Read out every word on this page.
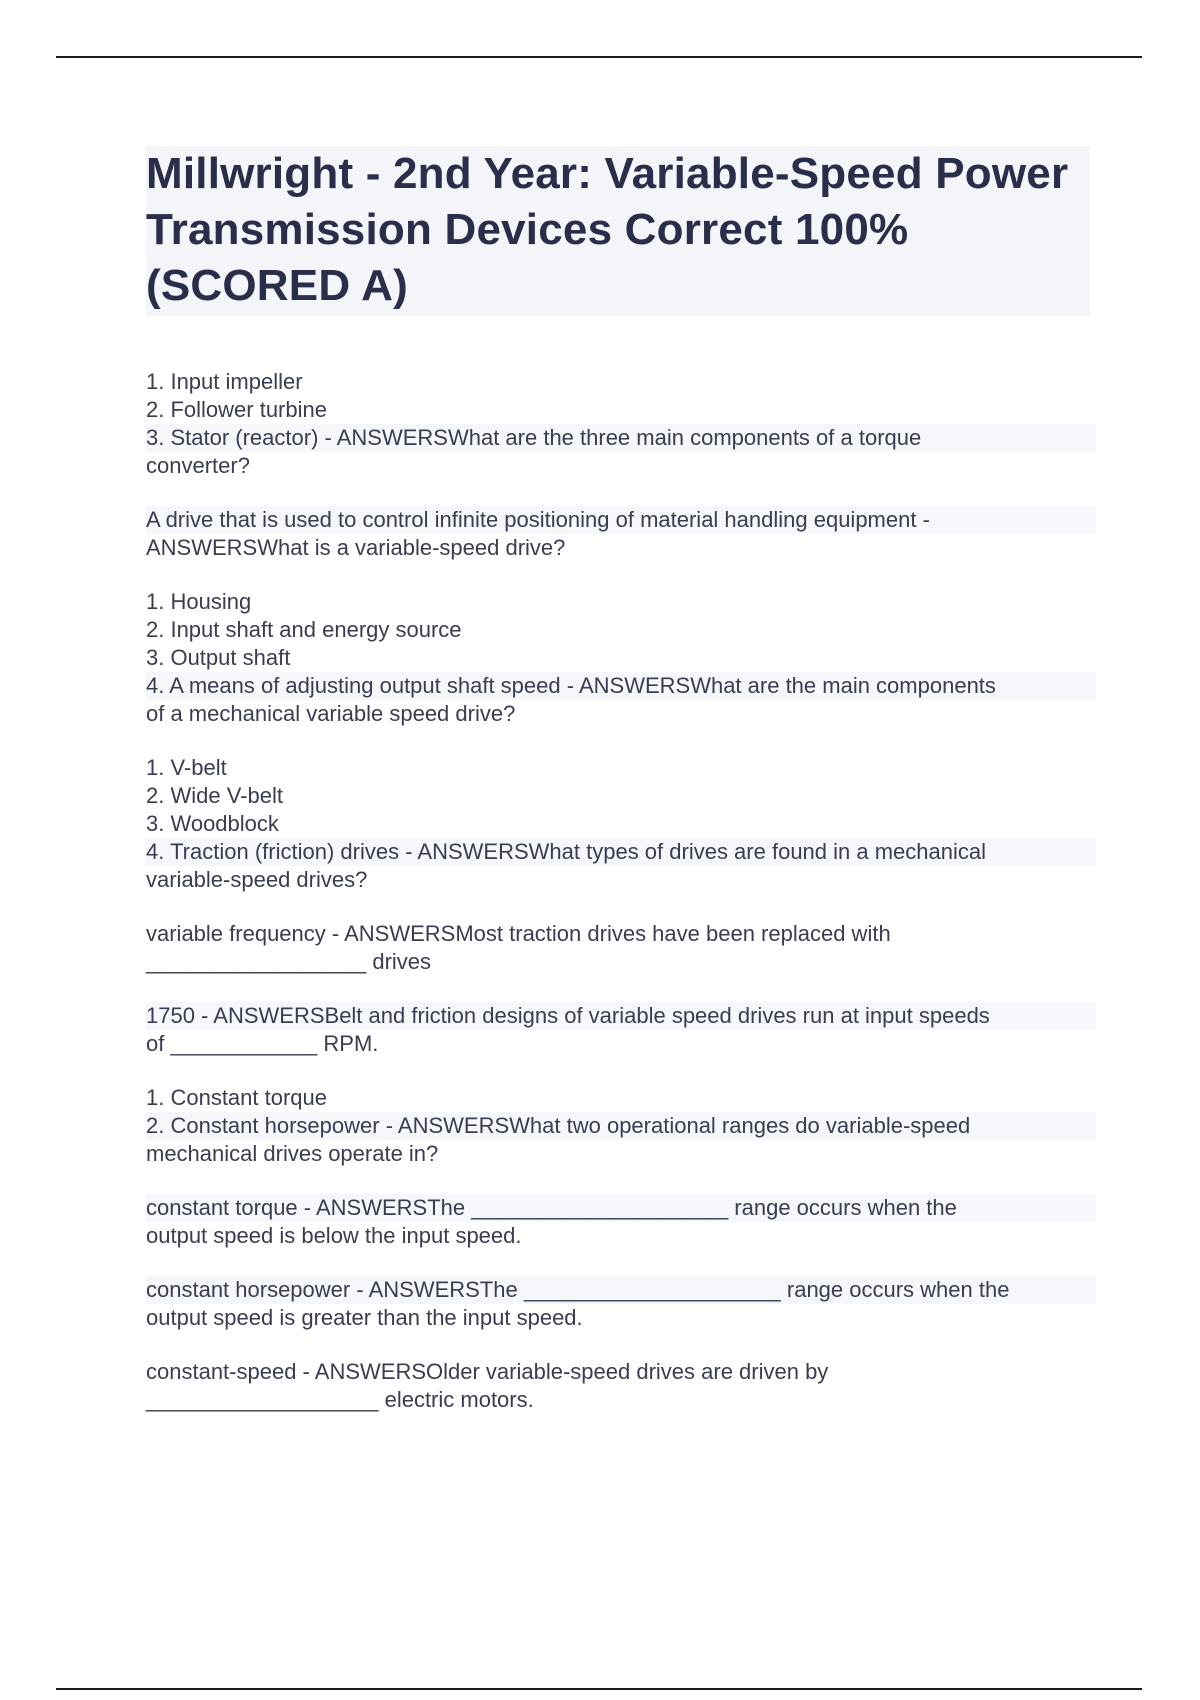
Millwright - 2nd Year: Variable-Speed Power Transmission Devices Correct 100%(SCORED A)
1. Input impeller
2. Follower turbine
3. Stator (reactor) - ANSWERSWhat are the three main components of a torque
converter?
A drive that is used to control infinite positioning of material handling equipment -
ANSWERSWhat is a variable-speed drive?
1. Housing
2. Input shaft and energy source
3. Output shaft
4. A means of adjusting output shaft speed - ANSWERSWhat are the main components
of a mechanical variable speed drive?
1. V-belt
2. Wide V-belt
3. Woodblock
4. Traction (friction) drives - ANSWERSWhat types of drives are found in a mechanical
variable-speed drives?
variable frequency - ANSWERSMost traction drives have been replaced with
__________________ drives
1750 - ANSWERSBelt and friction designs of variable speed drives run at input speeds
of ____________ RPM.
1. Constant torque
2. Constant horsepower - ANSWERSWhat two operational ranges do variable-speed
mechanical drives operate in?
constant torque - ANSWERSThe _____________________ range occurs when the
output speed is below the input speed.
constant horsepower - ANSWERSThe _____________________ range occurs when the
output speed is greater than the input speed.
constant-speed - ANSWERSOlder variable-speed drives are driven by
___________________ electric motors.
